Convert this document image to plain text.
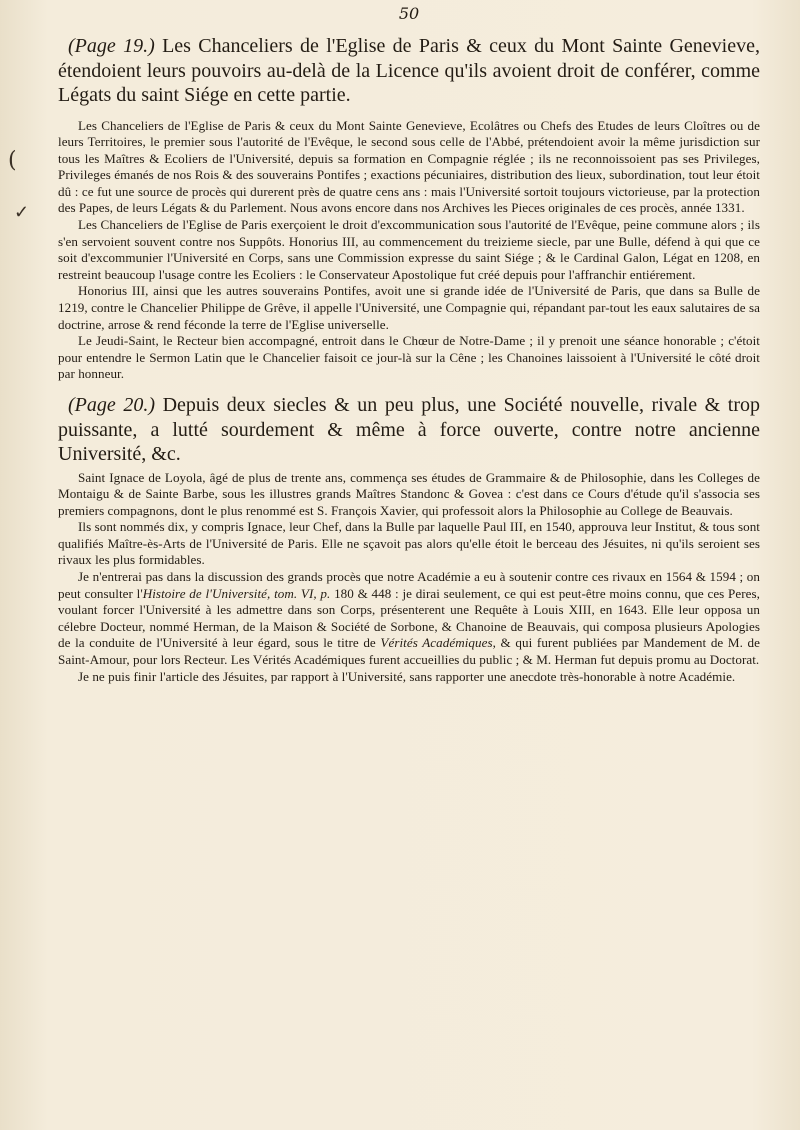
50

(Page 19.) Les Chanceliers de l'Eglise de Paris & ceux du Mont Sainte Genevieve, étendoient leurs pouvoirs au-delà de la Licence qu'ils avoient droit de conférer, comme Légats du saint Siége en cette partie.

Les Chanceliers de l'Eglise de Paris & ceux du Mont Sainte Genevieve, Ecolâtres ou Chefs des Etudes de leurs Cloîtres ou de leurs Territoires, le premier sous l'autorité de l'Evêque, le second sous celle de l'Abbé, prétendoient avoir la même jurisdiction sur tous les Maîtres & Ecoliers de l'Université, depuis sa formation en Compagnie réglée ; ils ne reconnoissoient pas ses Privileges, Privileges émanés de nos Rois & des souverains Pontifes ; exactions pécuniaires, distribution des lieux, subordination, tout leur étoit dû : ce fut une source de procès qui durerent près de quatre cens ans : mais l'Université sortoit toujours victorieuse, par la protection des Papes, de leurs Légats & du Parlement. Nous avons encore dans nos Archives les Pieces originales de ces procès, année 1331.

Les Chanceliers de l'Eglise de Paris exerçoient le droit d'excommunication sous l'autorité de l'Evêque, peine commune alors ; ils s'en servoient souvent contre nos Suppôts. Honorius III, au commencement du treizieme siecle, par une Bulle, défend à qui que ce soit d'excommunier l'Université en Corps, sans une Commission expresse du saint Siége ; & le Cardinal Galon, Légat en 1208, en restreint beaucoup l'usage contre les Ecoliers : le Conservateur Apostolique fut créé depuis pour l'affranchir entiérement.

Honorius III, ainsi que les autres souverains Pontifes, avoit une si grande idée de l'Université de Paris, que dans sa Bulle de 1219, contre le Chancelier Philippe de Grêve, il appelle l'Université, une Compagnie qui, répandant par-tout les eaux salutaires de sa doctrine, arrose & rend féconde la terre de l'Eglise universelle.

Le Jeudi-Saint, le Recteur bien accompagné, entroit dans le Chœur de Notre-Dame ; il y prenoit une séance honorable ; c'étoit pour entendre le Sermon Latin que le Chancelier faisoit ce jour-là sur la Cêne ; les Chanoines laissoient à l'Université le côté droit par honneur.

(Page 20.) Depuis deux siecles & un peu plus, une Société nouvelle, rivale & trop puissante, a lutté sourdement & même à force ouverte, contre notre ancienne Université, &c.

Saint Ignace de Loyola, âgé de plus de trente ans, commença ses études de Grammaire & de Philosophie, dans les Colleges de Montaigu & de Sainte Barbe, sous les illustres grands Maîtres Standonc & Govea : c'est dans ce Cours d'étude qu'il s'associa ses premiers compagnons, dont le plus renommé est S. François Xavier, qui professoit alors la Philosophie au College de Beauvais.

Ils sont nommés dix, y compris Ignace, leur Chef, dans la Bulle par laquelle Paul III, en 1540, approuva leur Institut, & tous sont qualifiés Maître-ès-Arts de l'Université de Paris. Elle ne sçavoit pas alors qu'elle étoit le berceau des Jésuites, ni qu'ils seroient ses rivaux les plus formidables.

Je n'entrerai pas dans la discussion des grands procès que notre Académie a eu à soutenir contre ces rivaux en 1564 & 1594 ; on peut consulter l'Histoire de l'Université, tom. VI, p. 180 & 448 : je dirai seulement, ce qui est peut-être moins connu, que ces Peres, voulant forcer l'Université à les admettre dans son Corps, présenterent une Requête à Louis XIII, en 1643. Elle leur opposa un célebre Docteur, nommé Herman, de la Maison & Société de Sorbone, & Chanoine de Beauvais, qui composa plusieurs Apologies de la conduite de l'Université à leur égard, sous le titre de Vérités Académiques, & qui furent publiées par Mandement de M. de Saint-Amour, pour lors Recteur. Les Vérités Académiques furent accueillies du public ; & M. Herman fut depuis promu au Doctorat.

Je ne puis finir l'article des Jésuites, par rapport à l'Université, sans rapporter une anecdote très-honorable à notre Académie.

(
✓
